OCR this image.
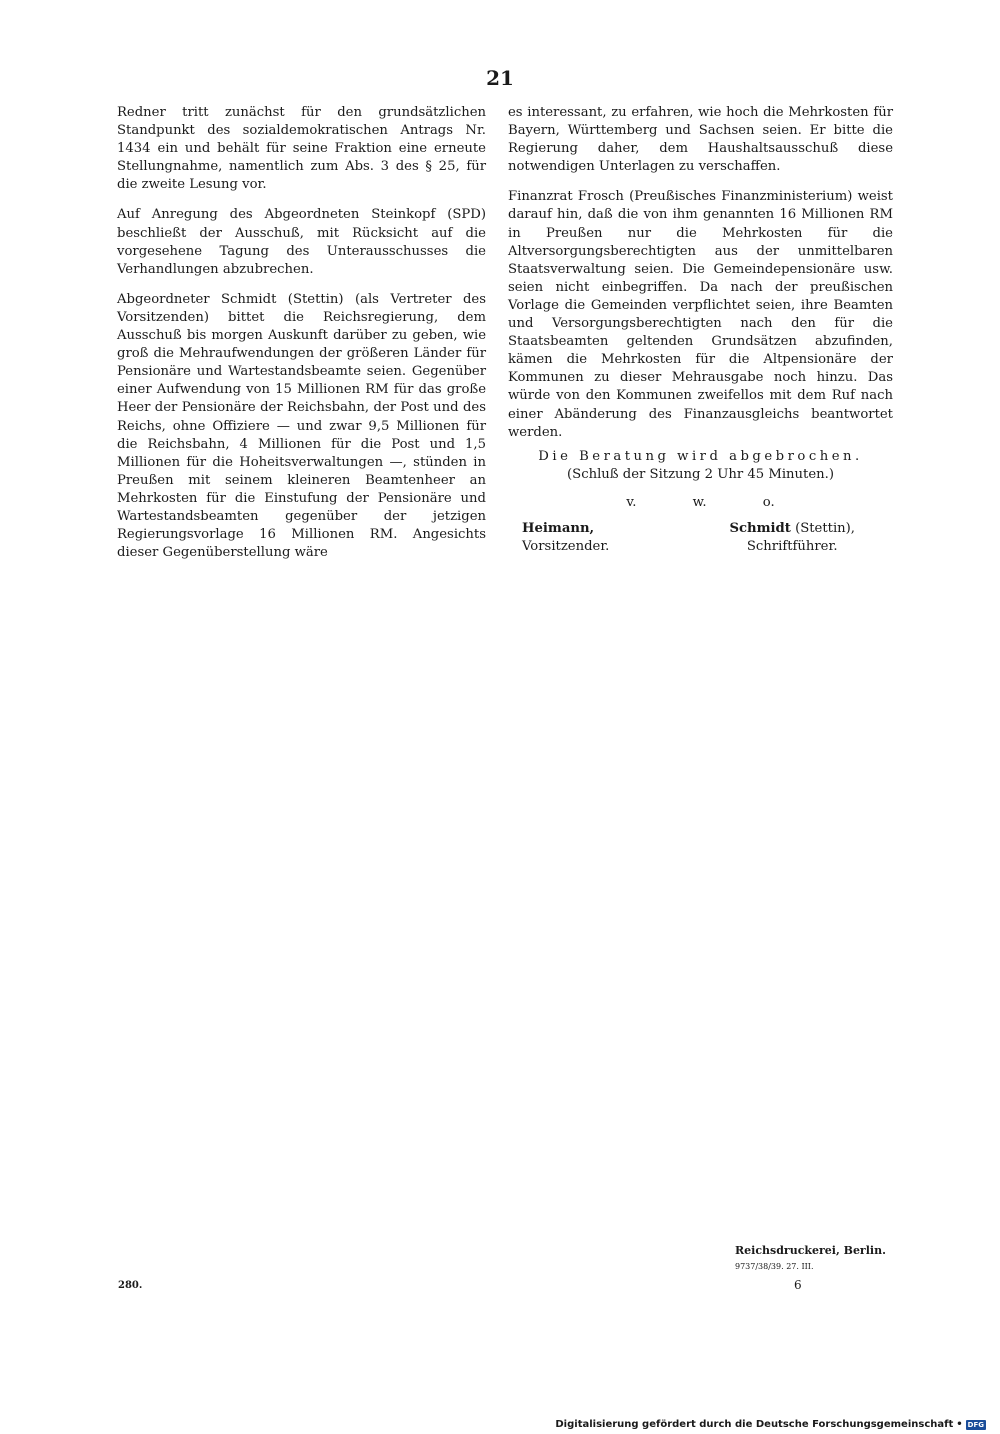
21

Redner tritt zunächst für den grundsätzlichen Standpunkt des sozialdemokratischen Antrags Nr. 1434 ein und behält für seine Fraktion eine erneute Stellungnahme, namentlich zum Abs. 3 des § 25, für die zweite Lesung vor.

Auf Anregung des Abgeordneten Steinkopf (SPD) beschließt der Ausschuß, mit Rücksicht auf die vorgesehene Tagung des Unterausschusses die Verhandlungen abzubrechen.

Abgeordneter Schmidt (Stettin) (als Vertreter des Vorsitzenden) bittet die Reichsregierung, dem Ausschuß bis morgen Auskunft darüber zu geben, wie groß die Mehraufwendungen der größeren Länder für Pensionäre und Wartestandsbeamte seien. Gegenüber einer Aufwendung von 15 Millionen RM für das große Heer der Pensionäre der Reichsbahn, der Post und des Reichs, ohne Offiziere — und zwar 9,5 Millionen für die Reichsbahn, 4 Millionen für die Post und 1,5 Millionen für die Hoheitsverwaltungen —, stünden in Preußen mit seinem kleineren Beamtenheer an Mehrkosten für die Einstufung der Pensionäre und Wartestandsbeamten gegenüber der jetzigen Regierungsvorlage 16 Millionen RM. Angesichts dieser Gegenüberstellung wäre

es interessant, zu erfahren, wie hoch die Mehrkosten für Bayern, Württemberg und Sachsen seien. Er bitte die Regierung daher, dem Haushaltsausschuß diese notwendigen Unterlagen zu verschaffen.

Finanzrat Frosch (Preußisches Finanzministerium) weist darauf hin, daß die von ihm genannten 16 Millionen RM in Preußen nur die Mehrkosten für die Altversorgungsberechtigten aus der unmittelbaren Staatsverwaltung seien. Die Gemeindepensionäre usw. seien nicht einbegriffen. Da nach der preußischen Vorlage die Gemeinden verpflichtet seien, ihre Beamten und Versorgungsberechtigten nach den für die Staatsbeamten geltenden Grundsätzen abzufinden, kämen die Mehrkosten für die Altpensionäre der Kommunen zu dieser Mehrausgabe noch hinzu. Das würde von den Kommunen zweifellos mit dem Ruf nach einer Abänderung des Finanzausgleichs beantwortet werden.

Die Beratung wird abgebrochen.
(Schluß der Sitzung 2 Uhr 45 Minuten.)
v.	w.	o.
Heimann,
Vorsitzender.
Schmidt (Stettin),
Schriftführer.
Reichsdruckerei, Berlin.
9737/38/39. 27. III.
6
280.
Digitalisierung gefördert durch die Deutsche Forschungsgemeinschaft • DFG
